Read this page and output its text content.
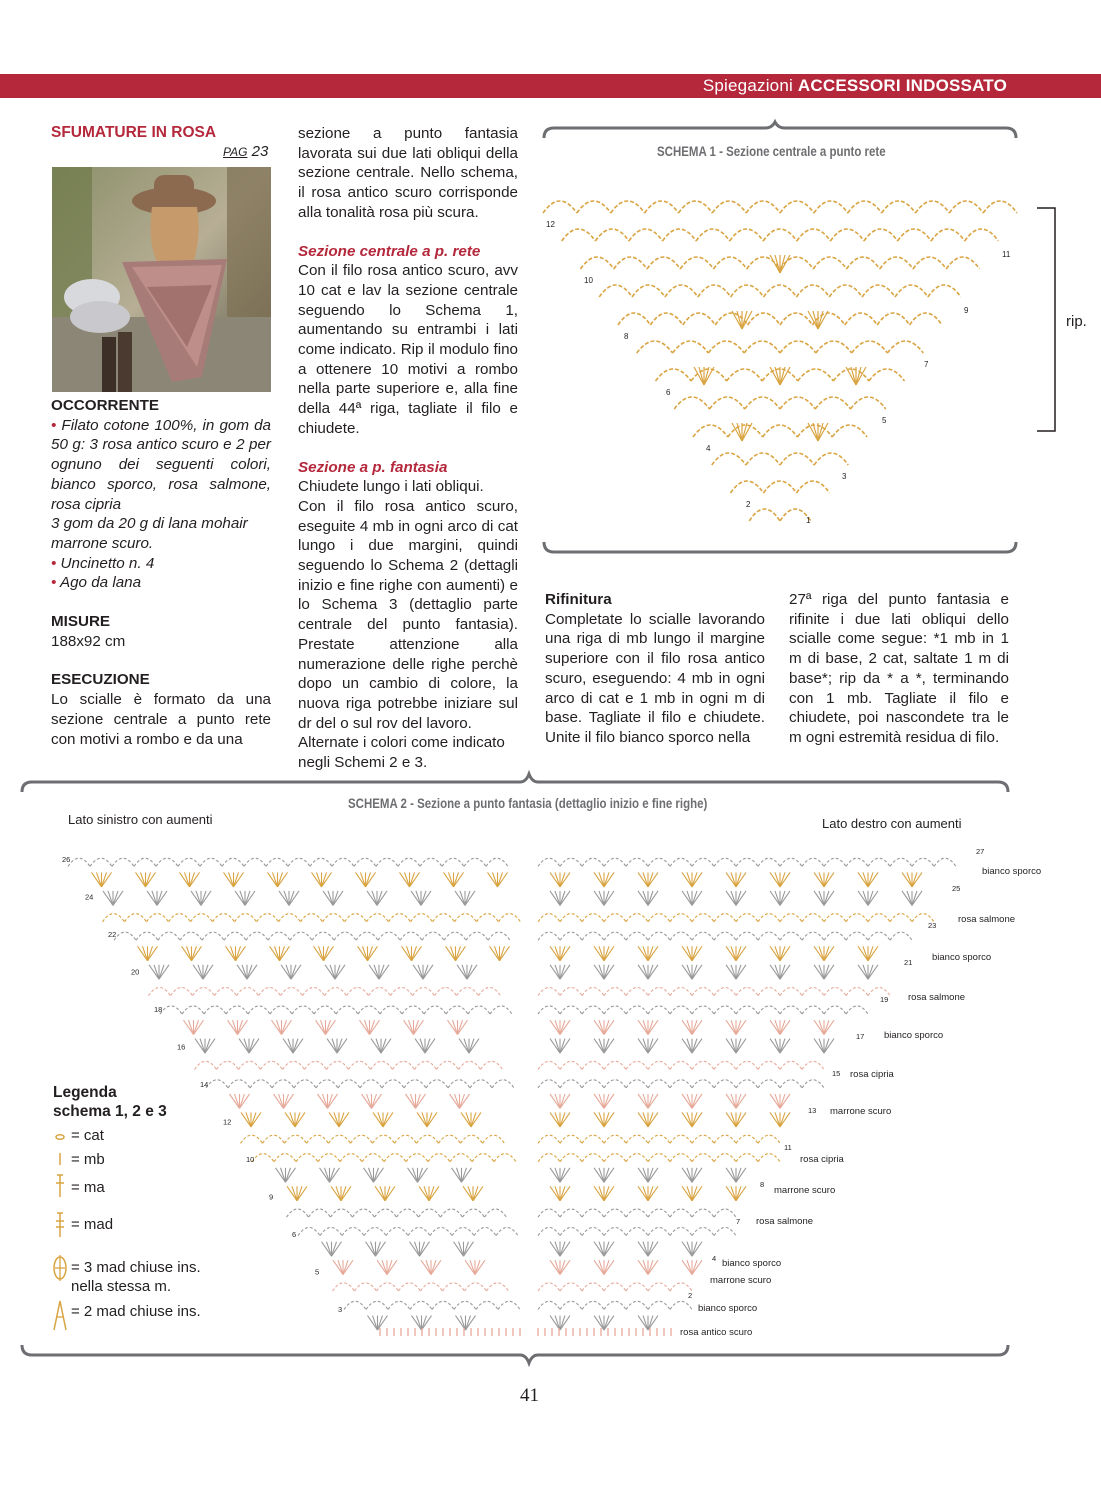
Spiegazioni ACCESSORI INDOSSATO
SFUMATURE IN ROSA
PAG 23

OCCORRENTE

• Filato cotone 100%, in gom da 50 g: 3 rosa antico scuro e 2 per ognuno dei seguenti colori, bianco sporco, rosa salmone, rosa cipria

3 gom da 20 g di lana mohair marrone scuro.

• Uncinetto n. 4

• Ago da lana

MISURE

188x92 cm

ESECUZIONE

Lo scialle è formato da una sezione centrale a punto rete con motivi a rombo e da una

sezione a punto fantasia lavorata sui due lati obliqui della sezione centrale. Nello schema, il rosa antico scuro corrisponde alla tonalità rosa più scura.

Sezione centrale a p. rete

Con il filo rosa antico scuro, avv 10 cat e lav la sezione centrale seguendo lo Schema 1, aumentando su entrambi i lati come indicato. Rip il modulo fino a ottenere 10 motivi a rombo nella parte superiore e, alla fine della 44ª riga, tagliate il filo e chiudete.

Sezione a p. fantasia

Chiudete lungo i lati obliqui.

Con il filo rosa antico scuro, eseguite 4 mb in ogni arco di cat lungo i due margini, quindi seguendo lo Schema 2 (dettagli inizio e fine righe con aumenti) e lo Schema 3 (dettaglio parte centrale del punto fantasia). Prestate attenzione alla numerazione delle righe perchè dopo un cambio di colore, la nuova riga potrebbe iniziare sul dr del o sul rov del lavoro.

Alternate i colori come indicato negli Schemi 2 e 3.

SCHEMA 1 - Sezione centrale a punto rete
12
11
10
9
8
7
6
5
4
3
2
1
rip.

Rifinitura

Completate lo scialle lavorando una riga di mb lungo il margine superiore con il filo rosa antico scuro, eseguendo: 4 mb in ogni arco di cat e 1 mb in ogni m di base. Tagliate il filo e chiudete. Unite il filo bianco sporco nella

27ª riga del punto fantasia e rifinite i due lati obliqui dello scialle come segue: *1 mb in 1 m di base, 2 cat, saltate 1 m di base*; rip da * a *, terminando con 1 mb. Tagliate il filo e chiudete, poi nascondete tra le m ogni estremità residua di filo.

SCHEMA 2 - Sezione a punto fantasia (dettaglio inizio e fine righe)
Lato sinistro con aumenti	Lato destro con aumenti
26
24
22
20
18
16
14
12
10
9
6
5
3
27
25
23
21
19
17
15
13
11
8
7
4
2
bianco sporco
rosa salmone
bianco sporco
rosa salmone
bianco sporco
rosa cipria
marrone scuro
rosa cipria
marrone scuro
rosa salmone
bianco sporco
marrone scuro
bianco sporco
rosa antico scuro
Legenda
schema 1, 2 e 3
= cat
= mb
= ma
= mad
= 3 mad chiuse ins.
nella stessa m.
= 2 mad chiuse ins.
41
